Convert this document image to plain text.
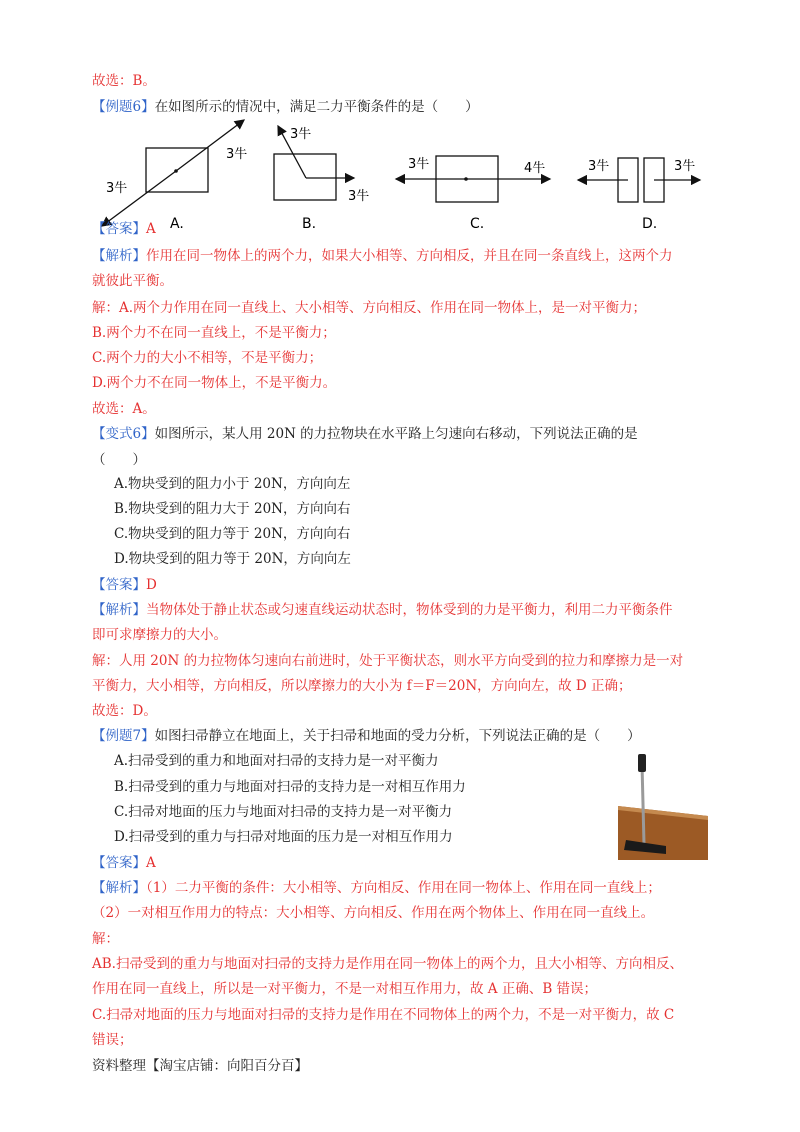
故选：B。
【例题6】在如图所示的情况中，满足二力平衡条件的是（　　）
3牛
3牛
A.
3牛
3牛
B.
3牛	4牛
C.
3牛	3牛
D.
【答案】A
【解析】作用在同一物体上的两个力，如果大小相等、方向相反，并且在同一条直线上，这两个力
就彼此平衡。
解：A.两个力作用在同一直线上、大小相等、方向相反、作用在同一物体上，是一对平衡力；
B.两个力不在同一直线上，不是平衡力；
C.两个力的大小不相等，不是平衡力；
D.两个力不在同一物体上，不是平衡力。
故选：A。
【变式6】如图所示，某人用 20N 的力拉物块在水平路上匀速向右移动，下列说法正确的是
（　　）
A.物块受到的阻力小于 20N，方向向左
B.物块受到的阻力大于 20N，方向向右
C.物块受到的阻力等于 20N，方向向右
D.物块受到的阻力等于 20N，方向向左
【答案】D
【解析】当物体处于静止状态或匀速直线运动状态时，物体受到的力是平衡力，利用二力平衡条件
即可求摩擦力的大小。
解：人用 20N 的力拉物体匀速向右前进时，处于平衡状态，则水平方向受到的拉力和摩擦力是一对
平衡力，大小相等，方向相反，所以摩擦力的大小为 f＝F＝20N，方向向左，故 D 正确；
故选：D。
【例题7】如图扫帚静立在地面上，关于扫帚和地面的受力分析，下列说法正确的是（　　）
A.扫帚受到的重力和地面对扫帚的支持力是一对平衡力
B.扫帚受到的重力与地面对扫帚的支持力是一对相互作用力
C.扫帚对地面的压力与地面对扫帚的支持力是一对平衡力
D.扫帚受到的重力与扫帚对地面的压力是一对相互作用力
【答案】A
【解析】（1）二力平衡的条件：大小相等、方向相反、作用在同一物体上、作用在同一直线上；
（2）一对相互作用力的特点：大小相等、方向相反、作用在两个物体上、作用在同一直线上。
解：
AB.扫帚受到的重力与地面对扫帚的支持力是作用在同一物体上的两个力，且大小相等、方向相反、
作用在同一直线上，所以是一对平衡力，不是一对相互作用力，故 A 正确、B 错误；
C.扫帚对地面的压力与地面对扫帚的支持力是作用在不同物体上的两个力，不是一对平衡力，故 C
错误；
资料整理【淘宝店铺：向阳百分百】
